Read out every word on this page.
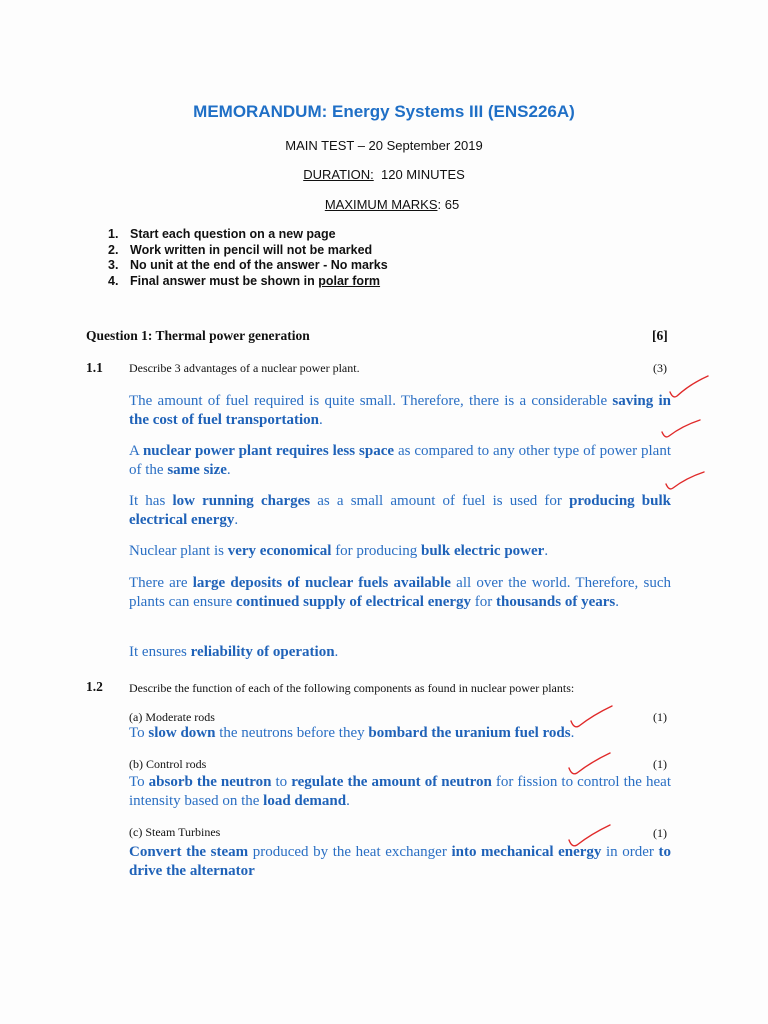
MEMORANDUM: Energy Systems III (ENS226A)
MAIN TEST – 20 September 2019
DURATION: 120 MINUTES
MAXIMUM MARKS: 65
1. Start each question on a new page
2. Work written in pencil will not be marked
3. No unit at the end of the answer - No marks
4. Final answer must be shown in polar form
Question 1: Thermal power generation	[6]
1.1 Describe 3 advantages of a nuclear power plant.	(3)

The amount of fuel required is quite small. Therefore, there is a considerable saving in the cost of fuel transportation.

A nuclear power plant requires less space as compared to any other type of power plant of the same size.

It has low running charges as a small amount of fuel is used for producing bulk electrical energy.

Nuclear plant is very economical for producing bulk electric power.

There are large deposits of nuclear fuels available all over the world. Therefore, such plants can ensure continued supply of electrical energy for thousands of years.

It ensures reliability of operation.

1.2 Describe the function of each of the following components as found in nuclear power plants:
(a) Moderate rods	(1)

To slow down the neutrons before they bombard the uranium fuel rods.

(b) Control rods	(1)

To absorb the neutron to regulate the amount of neutron for fission to control the heat intensity based on the load demand.

(c) Steam Turbines	(1)

Convert the steam produced by the heat exchanger into mechanical energy in order to drive the alternator
